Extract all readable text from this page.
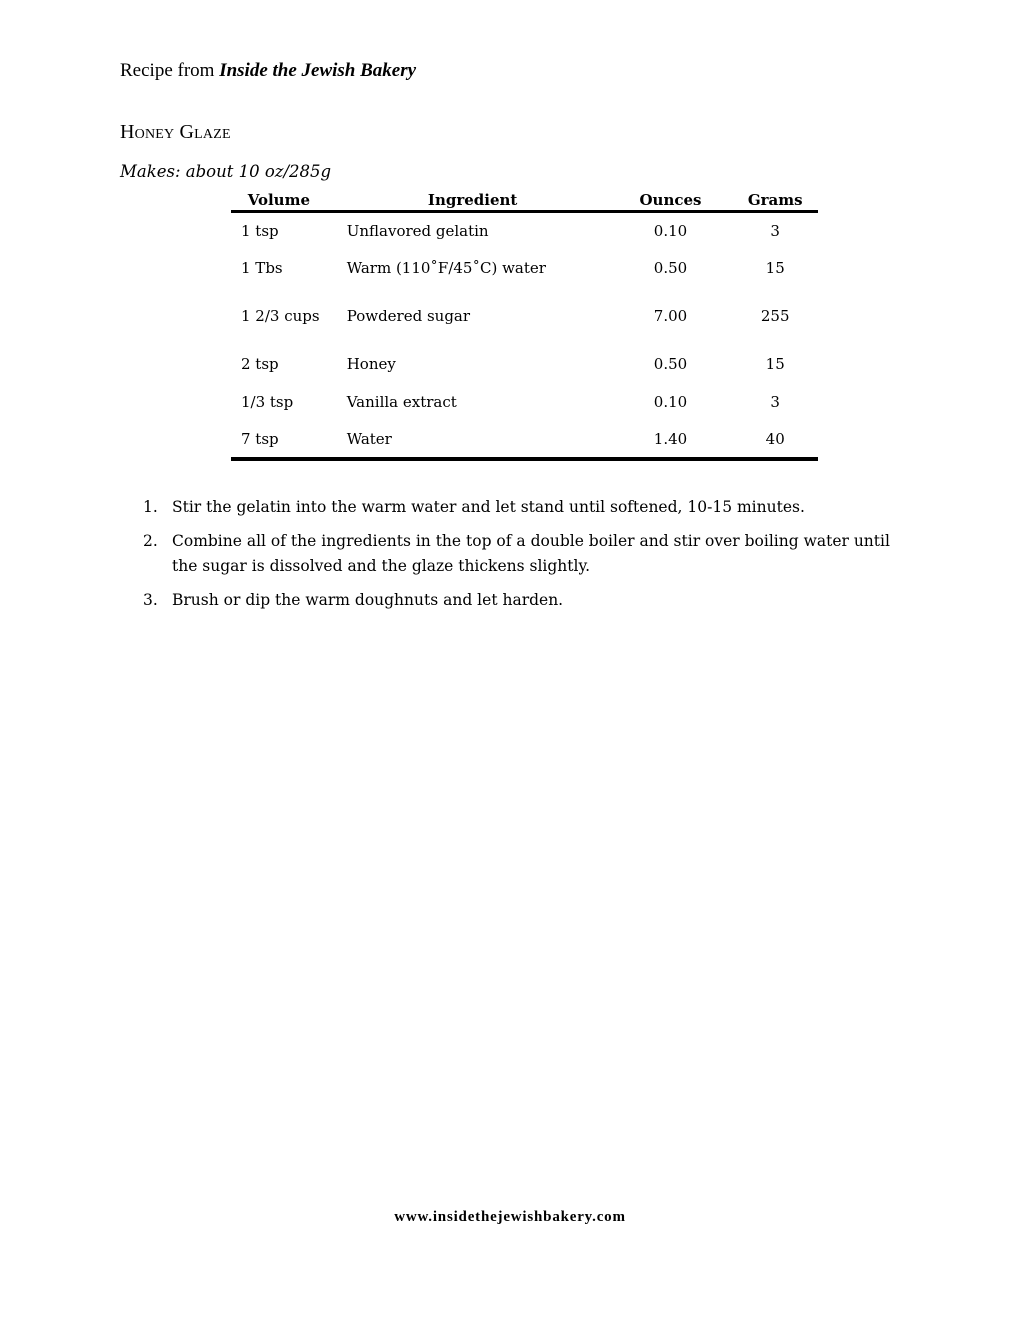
Recipe from Inside the Jewish Bakery
Honey Glaze
Makes: about 10 oz/285g
Volume	Ingredient	Ounces	Grams
1 tsp	Unflavored gelatin	0.10	3
1 Tbs	Warm (110˚F/45˚C) water	0.50	15
1 2/3 cups	Powdered sugar	7.00	255
2 tsp	Honey	0.50	15
1/3 tsp	Vanilla extract	0.10	3
7 tsp	Water	1.40	40
1. Stir the gelatin into the warm water and let stand until softened, 10-15 minutes.
2. Combine all of the ingredients in the top of a double boiler and stir over boiling water until the sugar is dissolved and the glaze thickens slightly.
3. Brush or dip the warm doughnuts and let harden.
www.insidethejewishbakery.com
